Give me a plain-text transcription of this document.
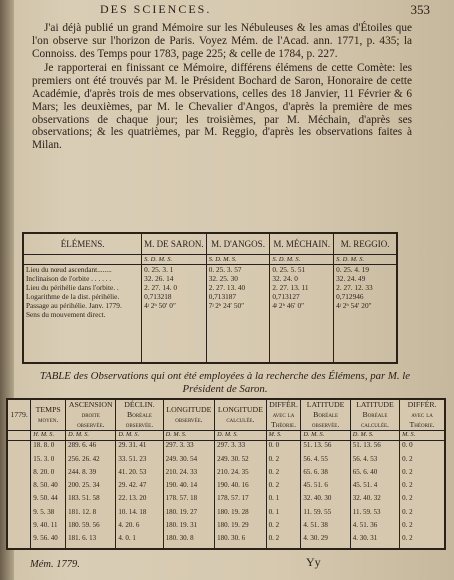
DES SCIENCES.	353

J'ai déjà publié un grand Mémoire sur les Nébuleuses & les amas d'Étoiles que l'on observe sur l'horizon de Paris. Voyez Mém. de l'Acad. ann. 1771, p. 435; la Connoiss. des Temps pour 1783, page 225; & celle de 1784, p. 227.

Je rapporterai en finissant ce Mémoire, différens élémens de cette Comète: les premiers ont été trouvés par M. le Président Bochard de Saron, Honoraire de cette Académie, d'après trois de mes observations, celles des 18 Janvier, 11 Février & 6 Mars; les deuxièmes, par M. le Chevalier d'Angos, d'après la première de mes observations de chaque jour; les troisièmes, par M. Méchain, d'après ses observations; & les quatrièmes, par M. Reggio, d'après les observations faites à Milan.

ÉLÉMENS.	M. DE SARON.	M. D'ANGOS.	M. MÉCHAIN.	M. REGGIO.
	S. D. M. S.	S. D. M. S.	S. D. M. S.	S. D. M. S.
Lieu du nœud ascendant........	0. 25. 3. 1	0. 25. 3. 57	0. 25. 5. 51	0. 25. 4. 19
Inclinaison de l'orbite . . . . . .	32. 26. 14	32. 25. 30	32. 24. 0	32. 24. 49
Lieu du périhélie dans l'orbite. .	2. 27. 14. 0	2. 27. 13. 40	2. 27. 13. 11	2. 27. 12. 33
Logarithme de la dist. périhélie.	0,713218	0,713187	0,713127	0,712946
Passage au périhélie. Janv. 1779.	4ʲ 2ʰ 50′ 0″	7ʲ 2ʰ 24′ 50″	4ʲ 2ʰ 46′ 0″	4ʲ 2ʰ 54′ 20″
Sens du mouvement direct.				

TABLE des Observations qui ont été employées à la recherche des Élémens, par M. le Président de Saron.
1779.	TEMPS moyen.	ASCENSION droite observée.	DÉCLIN. Boréale observée.	LONGITUDE observée.	LONGITUDE calculée.	DIFFÉR. avec la Théorie.	LATITUDE Boréale observée.	LATITUDE Boréale calculée.	DIFFÉR. avec la Théorie.
	H. M. S.	D. M. S.	D. M. S.	D. M. S.	D. M. S.	M. S.	D. M. S.	D. M. S.	M. S.
	18. 8. 0	289. 6. 46	29. 31. 41	297. 3. 33	297. 3. 33	0. 0	51. 13. 56	51. 13. 56	0. 0
	15. 3. 0	256. 26. 42	33. 51. 23	249. 30. 54	249. 30. 52	0. 2	56. 4. 55	56. 4. 53	0. 2
	8. 20. 0	244. 8. 39	41. 20. 53	210. 24. 33	210. 24. 35	0. 2	65. 6. 38	65. 6. 40	0. 2
	8. 50. 40	200. 25. 34	29. 42. 47	190. 40. 14	190. 40. 16	0. 2	45. 51. 6	45. 51. 4	0. 2
	9. 50. 44	183. 51. 58	22. 13. 20	178. 57. 18	178. 57. 17	0. 1	32. 40. 30	32. 40. 32	0. 2
	9. 5. 38	181. 12. 8	10. 14. 18	180. 19. 27	180. 19. 28	0. 1	11. 59. 55	11. 59. 53	0. 2
	9. 40. 11	180. 59. 56	4. 20. 6	180. 19. 31	180. 19. 29	0. 2	4. 51. 38	4. 51. 36	0. 2
	9. 56. 40	181. 6. 13	4. 0. 1	180. 30. 8	180. 30. 6	0. 2	4. 30. 29	4. 30. 31	0. 2
Mém. 1779.	Yy
